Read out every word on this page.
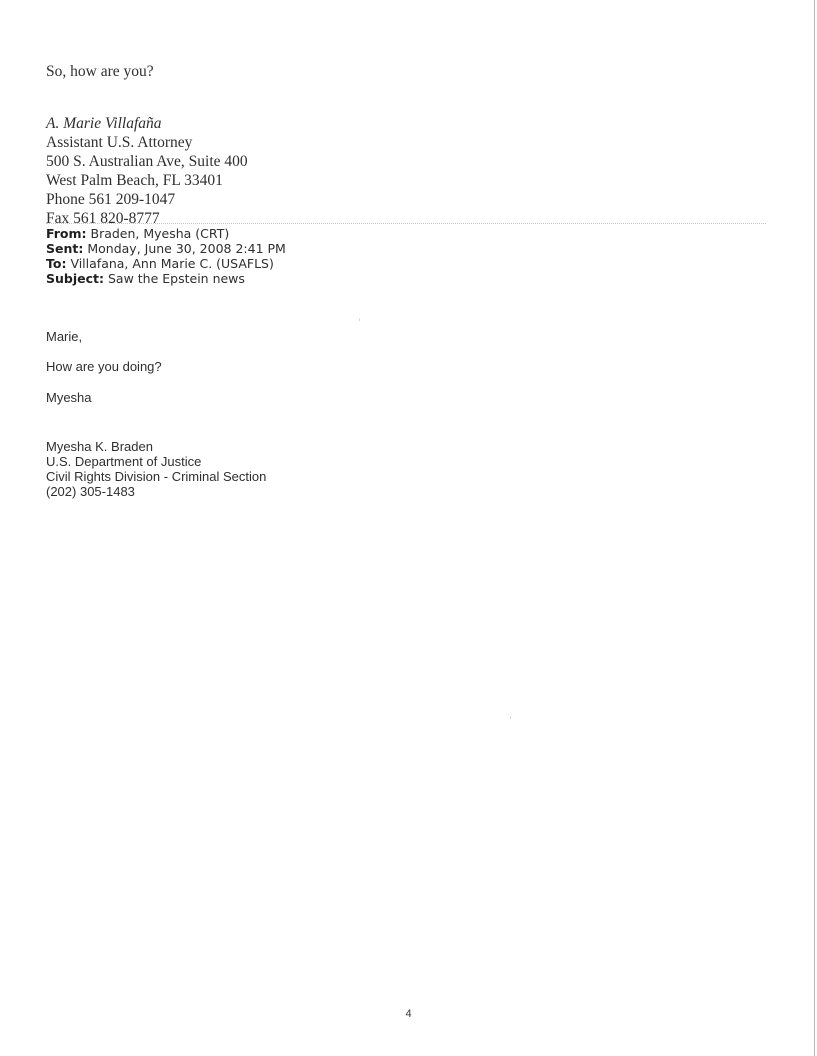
So, how are you?
A. Marie Villafaña
Assistant U.S. Attorney
500 S. Australian Ave, Suite 400
West Palm Beach, FL 33401
Phone 561 209-1047
Fax 561 820-8777
From: Braden, Myesha (CRT)
Sent: Monday, June 30, 2008 2:41 PM
To: Villafana, Ann Marie C. (USAFLS)
Subject: Saw the Epstein news
Marie,
How are you doing?
Myesha
Myesha K. Braden
U.S. Department of Justice
Civil Rights Division - Criminal Section
(202) 305-1483
4
